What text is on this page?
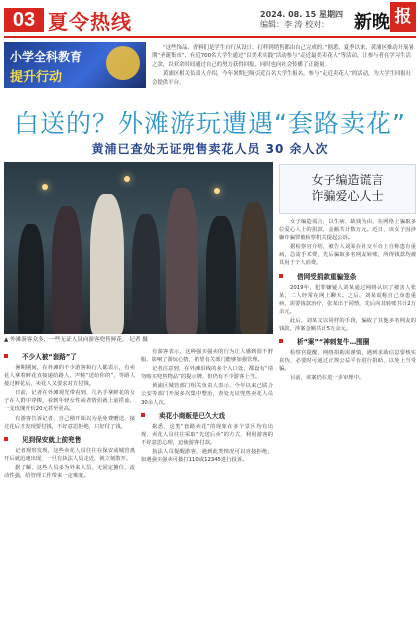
03 夏令热线	2024. 08. 15 星期四
编辑：李 涛 校对：	新晚 报
小学全科教育
提升行动

“这些饰品、香料们是学生自行从设计、打样到销售都由自己完成的。”据悉，夏季以来，黄浦区推动开展暑期“圣诞集市”，有近700名大学生通过“以美术实践”活动参与“走近最美卖花人”等活动，让参与者在学习生活之余，以业余时间通过自己的努力获得回报，同时也向社会传播了正能量。

黄浦区相关负责人介绍，今年暑期已吸引近百名大学生报名，参与“走近卖花人”的活动，为大学生回报社会提供平台。

白送的？外滩游玩遭遇“套路卖花”
黄浦已查处无证兜售卖花人员 30 余人次
女子编造谎言
诈骗爱心人士

女子编造谎言，以生病、缺钱为由，在网络上骗取多位爱心人士的捐款，金额共计数万元。近日，该女子因涉嫌诈骗罪被检察机关提起公诉。

据检察官介绍，被告人刘某在社交平台上自称患有重病，急需手术费，先后骗取多名网友转账，所得钱款均被其用于个人消费。

借网受捐款重骗笼条

2019年，犯罪嫌疑人刘某通过网络认识了被害人张某，二人经常在网上聊天。之后，刘某谎称自己身患重病，需要钱款治疗，张某出于同情，先后向其转账共计2万余元。

此后，刘某又以同样的手段，骗取了其他多名网友的钱款，涉案金额共计5万余元。

析“案”“神刺复牛…围圈

检察官提醒，网络捐助需谨慎，遇到求助信息要核实真伪，必要时可通过正规公益平台进行捐助，以免上当受骗。

目前，该案仍在进一步审理中。

▲ 外滩游客众多，一些无证人员向游客兜售鲜花。 记者 摄
不少人被“套路”了

暑期期间，在外滩的不少游客和行人都表示，有卖花人拿着鲜花直接递给路人，声称“送给你的”，等路人接过鲜花后，卖花人又要求对方付钱。

日前，记者在外滩观光带看到，几名手拿鲜花的女子在人群中穿梭，看到年轻女性或者情侣就上前搭讪，一支玫瑰开价20元甚至更高。

有游客告诉记者，自己刚开始以为是免费赠送，接过花后才发现要付钱，不好意思拒绝，只好付了钱。

见到保安就上前兜售

记者观察发现，这些卖花人员往往在保安或城管离开后就迅速出现，一旦有执法人员走近，就立刻散开。

据了解，这些人员多为外来人员，无固定摊位，流动性强，给管理工作带来一定难度。

有游客表示，这种强买强卖的行为让人感到很不舒服，影响了游玩心情，希望有关部门能够加强管理。

记者注意到，在外滩沿线的多个入口处，都设有“请勿购买兜售物品”的提示牌，但仍有不少游客上当。

黄浦区城管部门相关负责人表示，今年以来已联合公安等部门开展多次集中整治，查处无证兜售卖花人员30余人次。

卖花小商贩是已久大戏

据悉，这类“套路卖花”的现象在多个景区均有出现，卖花人员往往采取“先送后卖”的方式，利用游客的不好意思心理，迫使游客付款。

执法人员提醒游客，遇到此类情况可以直接拒绝，如遇强买强卖可拨打110或12345进行投诉。
